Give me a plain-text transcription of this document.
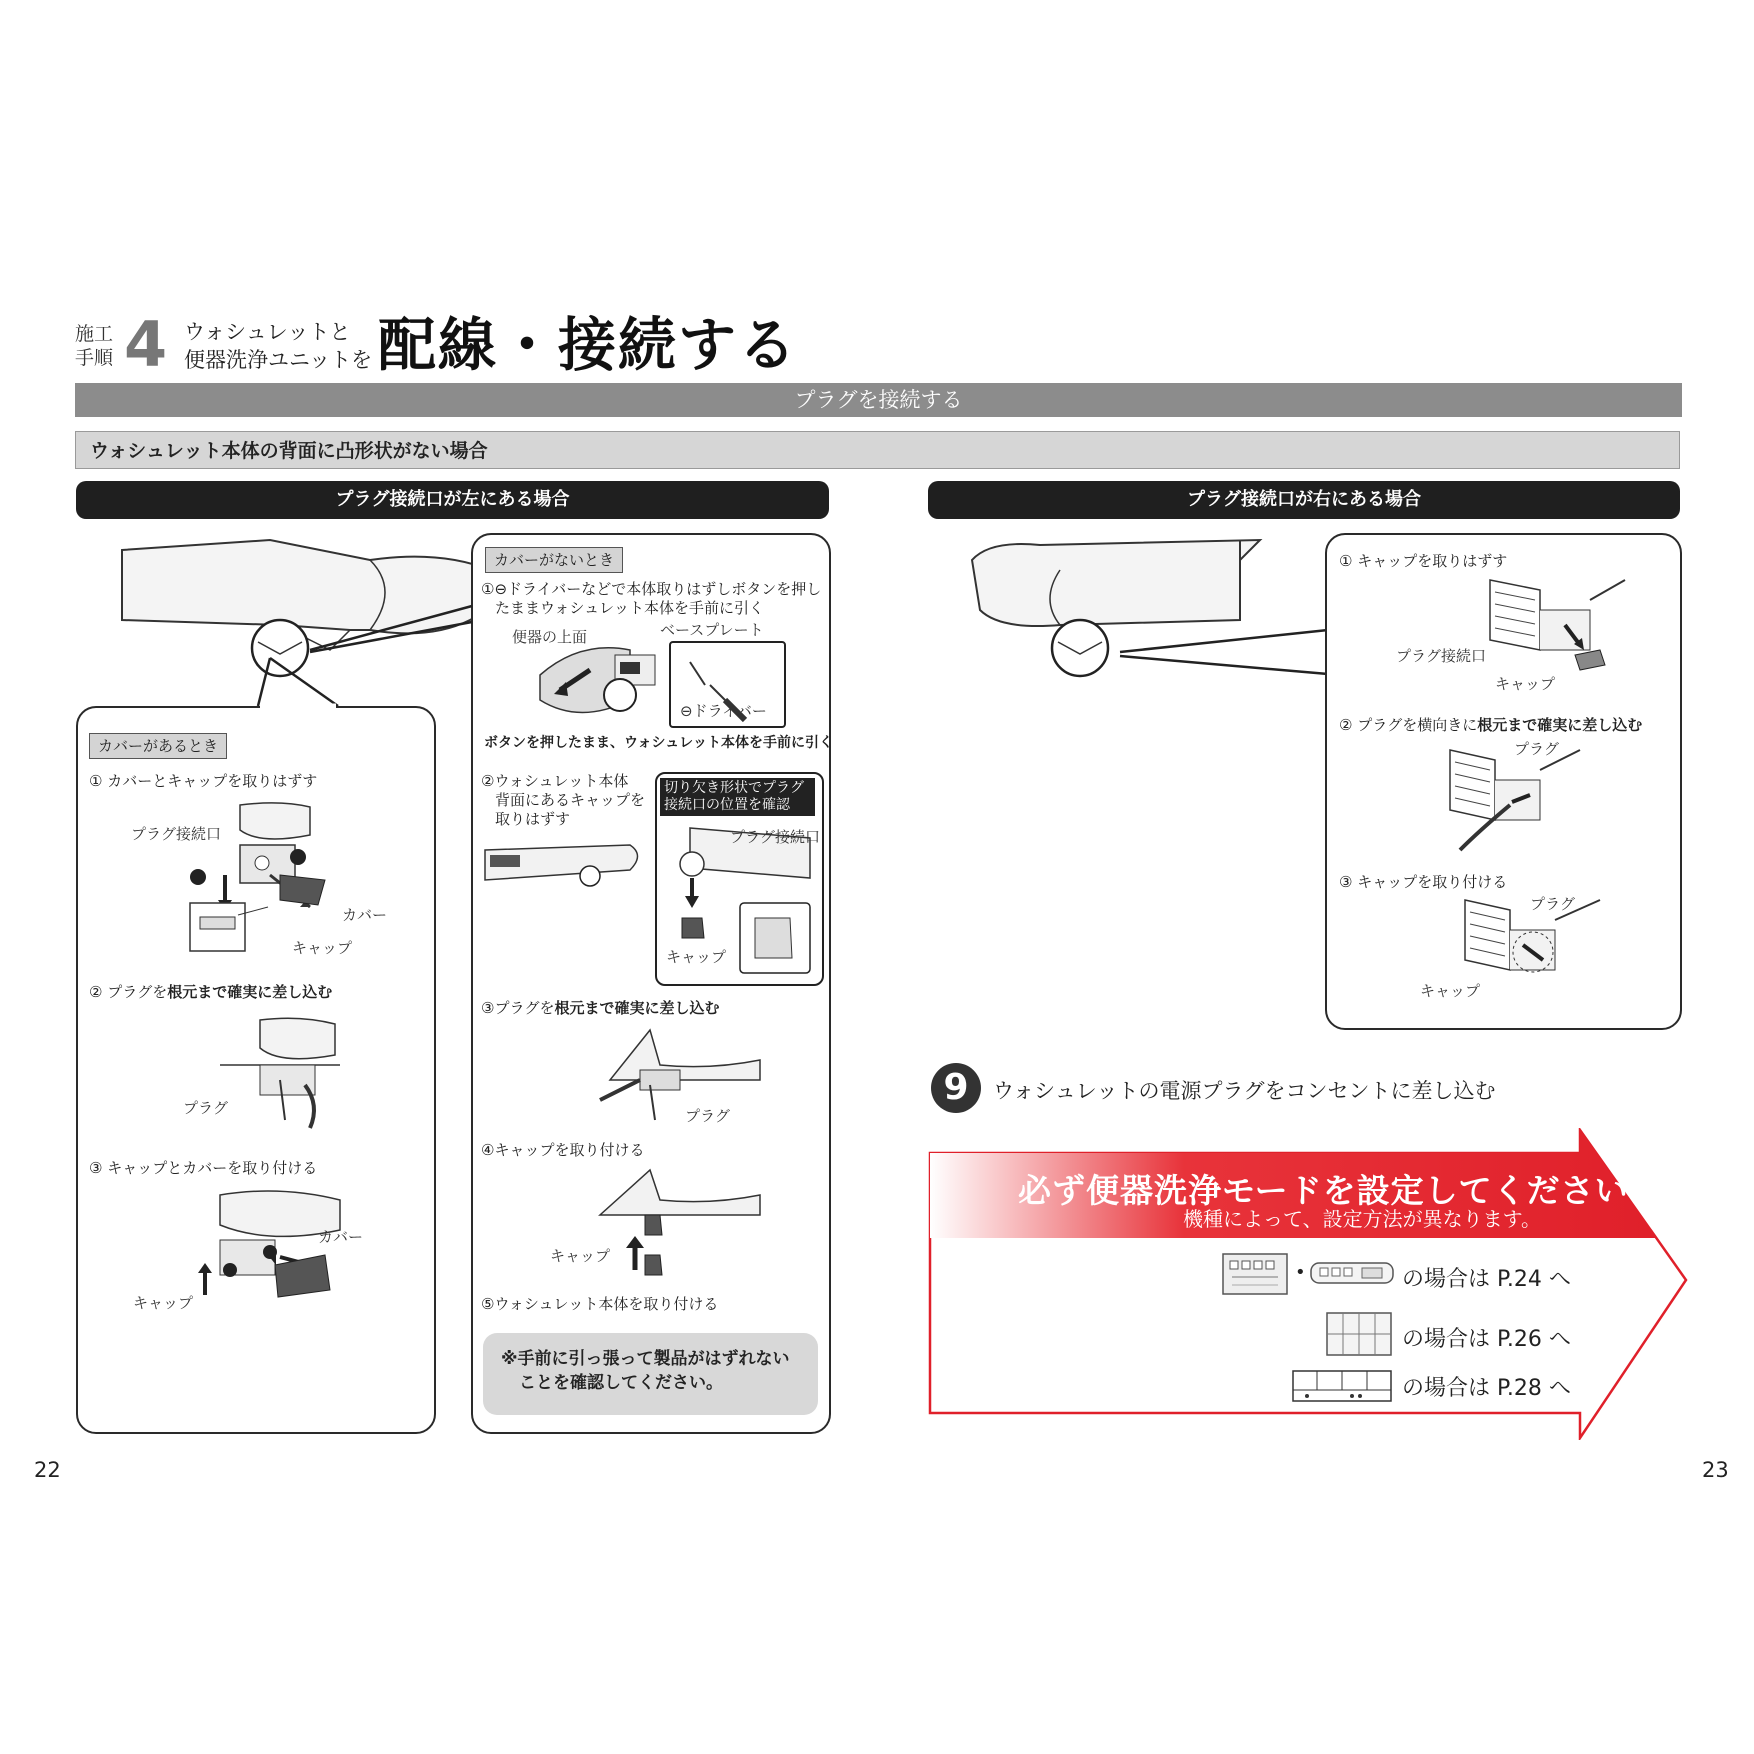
施工
手順 4 ウォシュレットと
便器洗浄ユニットを 配線・接続する
プラグを接続する
ウォシュレット本体の背面に凸形状がない場合
プラグ接続口が左にある場合	プラグ接続口が右にある場合
カバーがあるとき
① カバーとキャップを取りはずす
プラグ接続口
カバー
キャップ
② プラグを根元まで確実に差し込む
プラグ
③ キャップとカバーを取り付ける
カバー
キャップ
カバーがないとき
①⊖ドライバーなどで本体取りはずしボタンを押し
たままウォシュレット本体を手前に引く
便器の上面	ベースプレート
⊖ドライバー
ボタンを押したまま、ウォシュレット本体を手前に引く
②ウォシュレット本体
背面にあるキャップを
取りはずす
切り欠き形状でプラグ
接続口の位置を確認
プラグ接続口
キャップ
③プラグを根元まで確実に差し込む
プラグ
④キャップを取り付ける
キャップ
⑤ウォシュレット本体を取り付ける
※手前に引っ張って製品がはずれない
ことを確認してください。
① キャップを取りはずす
プラグ接続口
キャップ
② プラグを横向きに根元まで確実に差し込む
プラグ
③ キャップを取り付ける
プラグ
キャップ
9	ウォシュレットの電源プラグをコンセントに差し込む
必ず便器洗浄モードを設定してください
機種によって、設定方法が異なります。
•	の場合は P.24 へ
の場合は P.26 へ
の場合は P.28 へ
22	23
